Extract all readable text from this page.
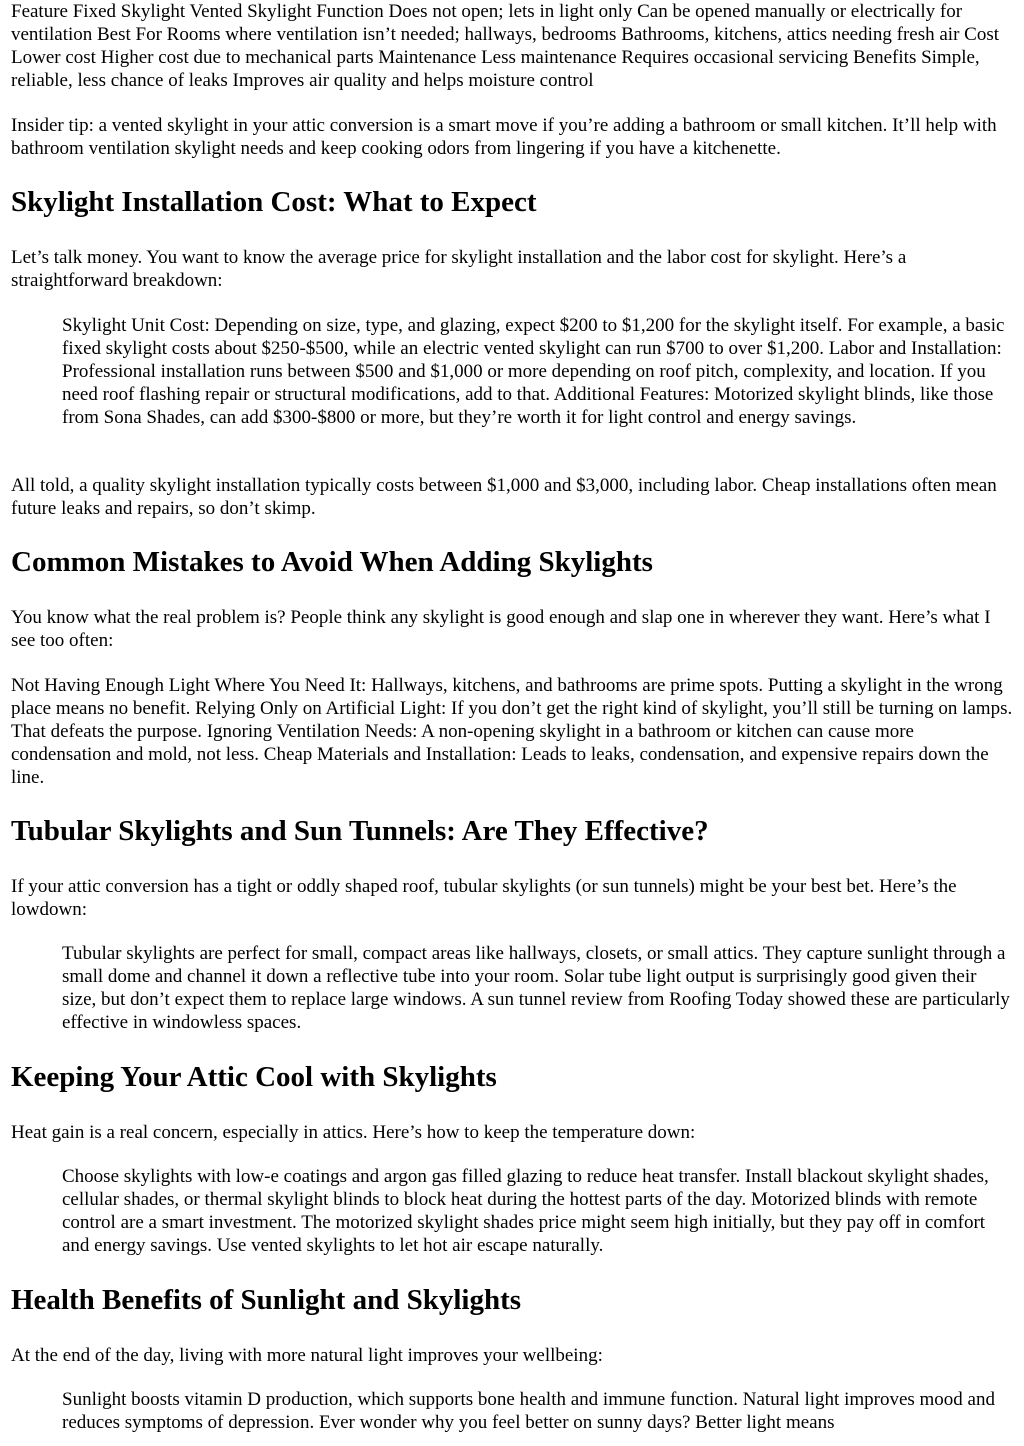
Feature Fixed Skylight Vented Skylight Function Does not open; lets in light only Can be opened manually or electrically for ventilation Best For Rooms where ventilation isn’t needed; hallways, bedrooms Bathrooms, kitchens, attics needing fresh air Cost Lower cost Higher cost due to mechanical parts Maintenance Less maintenance Requires occasional servicing Benefits Simple, reliable, less chance of leaks Improves air quality and helps moisture control

Insider tip: a vented skylight in your attic conversion is a smart move if you’re adding a bathroom or small kitchen. It’ll help with bathroom ventilation skylight needs and keep cooking odors from lingering if you have a kitchenette.

Skylight Installation Cost: What to Expect

Let’s talk money. You want to know the average price for skylight installation and the labor cost for skylight. Here’s a straightforward breakdown:

Skylight Unit Cost: Depending on size, type, and glazing, expect $200 to $1,200 for the skylight itself. For example, a basic fixed skylight costs about $250-$500, while an electric vented skylight can run $700 to over $1,200. Labor and Installation: Professional installation runs between $500 and $1,000 or more depending on roof pitch, complexity, and location. If you need roof flashing repair or structural modifications, add to that. Additional Features: Motorized skylight blinds, like those from Sona Shades, can add $300-$800 or more, but they’re worth it for light control and energy savings.

All told, a quality skylight installation typically costs between $1,000 and $3,000, including labor. Cheap installations often mean future leaks and repairs, so don’t skimp.

Common Mistakes to Avoid When Adding Skylights

You know what the real problem is? People think any skylight is good enough and slap one in wherever they want. Here’s what I see too often:

Not Having Enough Light Where You Need It: Hallways, kitchens, and bathrooms are prime spots. Putting a skylight in the wrong place means no benefit. Relying Only on Artificial Light: If you don’t get the right kind of skylight, you’ll still be turning on lamps. That defeats the purpose. Ignoring Ventilation Needs: A non-opening skylight in a bathroom or kitchen can cause more condensation and mold, not less. Cheap Materials and Installation: Leads to leaks, condensation, and expensive repairs down the line.

Tubular Skylights and Sun Tunnels: Are They Effective?

If your attic conversion has a tight or oddly shaped roof, tubular skylights (or sun tunnels) might be your best bet. Here’s the lowdown:

Tubular skylights are perfect for small, compact areas like hallways, closets, or small attics. They capture sunlight through a small dome and channel it down a reflective tube into your room. Solar tube light output is surprisingly good given their size, but don’t expect them to replace large windows. A sun tunnel review from Roofing Today showed these are particularly effective in windowless spaces.
Keeping Your Attic Cool with Skylights

Heat gain is a real concern, especially in attics. Here’s how to keep the temperature down:

Choose skylights with low-e coatings and argon gas filled glazing to reduce heat transfer. Install blackout skylight shades, cellular shades, or thermal skylight blinds to block heat during the hottest parts of the day. Motorized blinds with remote control are a smart investment. The motorized skylight shades price might seem high initially, but they pay off in comfort and energy savings. Use vented skylights to let hot air escape naturally.
Health Benefits of Sunlight and Skylights

At the end of the day, living with more natural light improves your wellbeing:

Sunlight boosts vitamin D production, which supports bone health and immune function. Natural light improves mood and reduces symptoms of depression. Ever wonder why you feel better on sunny days? Better light means
